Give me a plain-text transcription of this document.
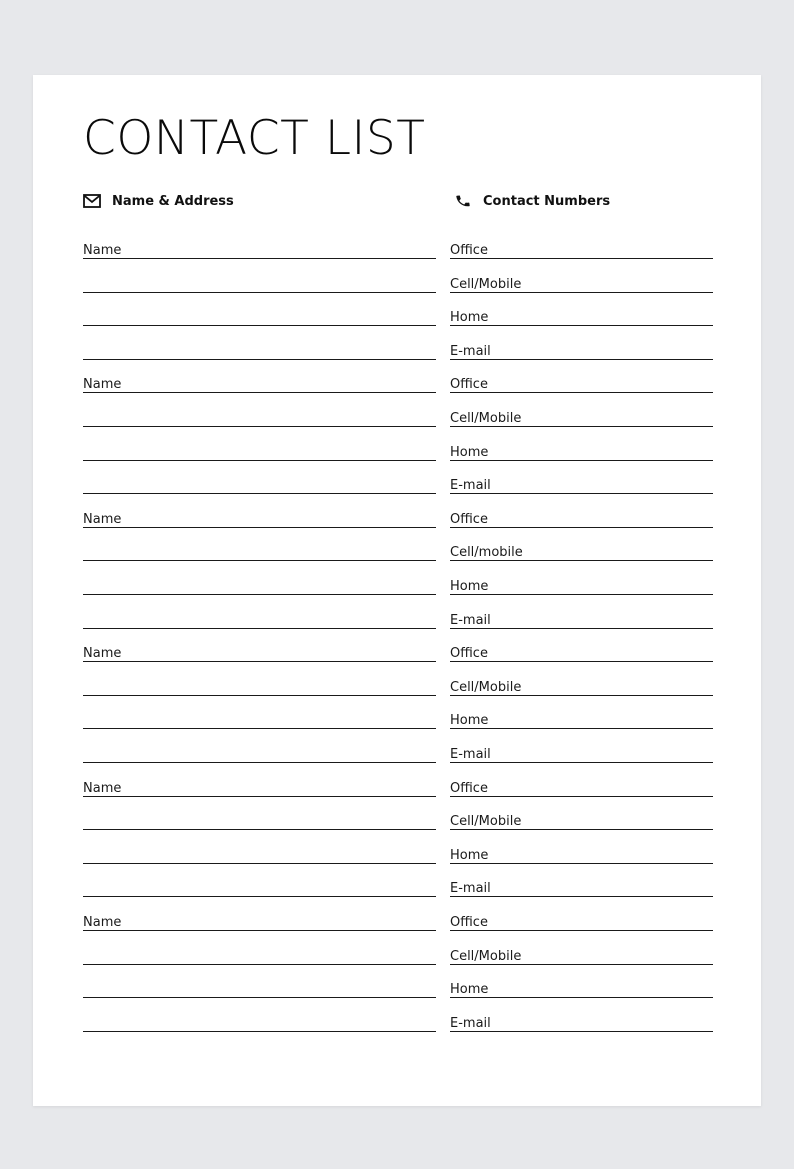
CONTACT LIST
Name & Address	Contact Numbers
Name	Office
Cell/Mobile
Home
E-mail
Name	Office
Cell/Mobile
Home
E-mail
Name	Office
Cell/mobile
Home
E-mail
Name	Office
Cell/Mobile
Home
E-mail
Name	Office
Cell/Mobile
Home
E-mail
Name	Office
Cell/Mobile
Home
E-mail
